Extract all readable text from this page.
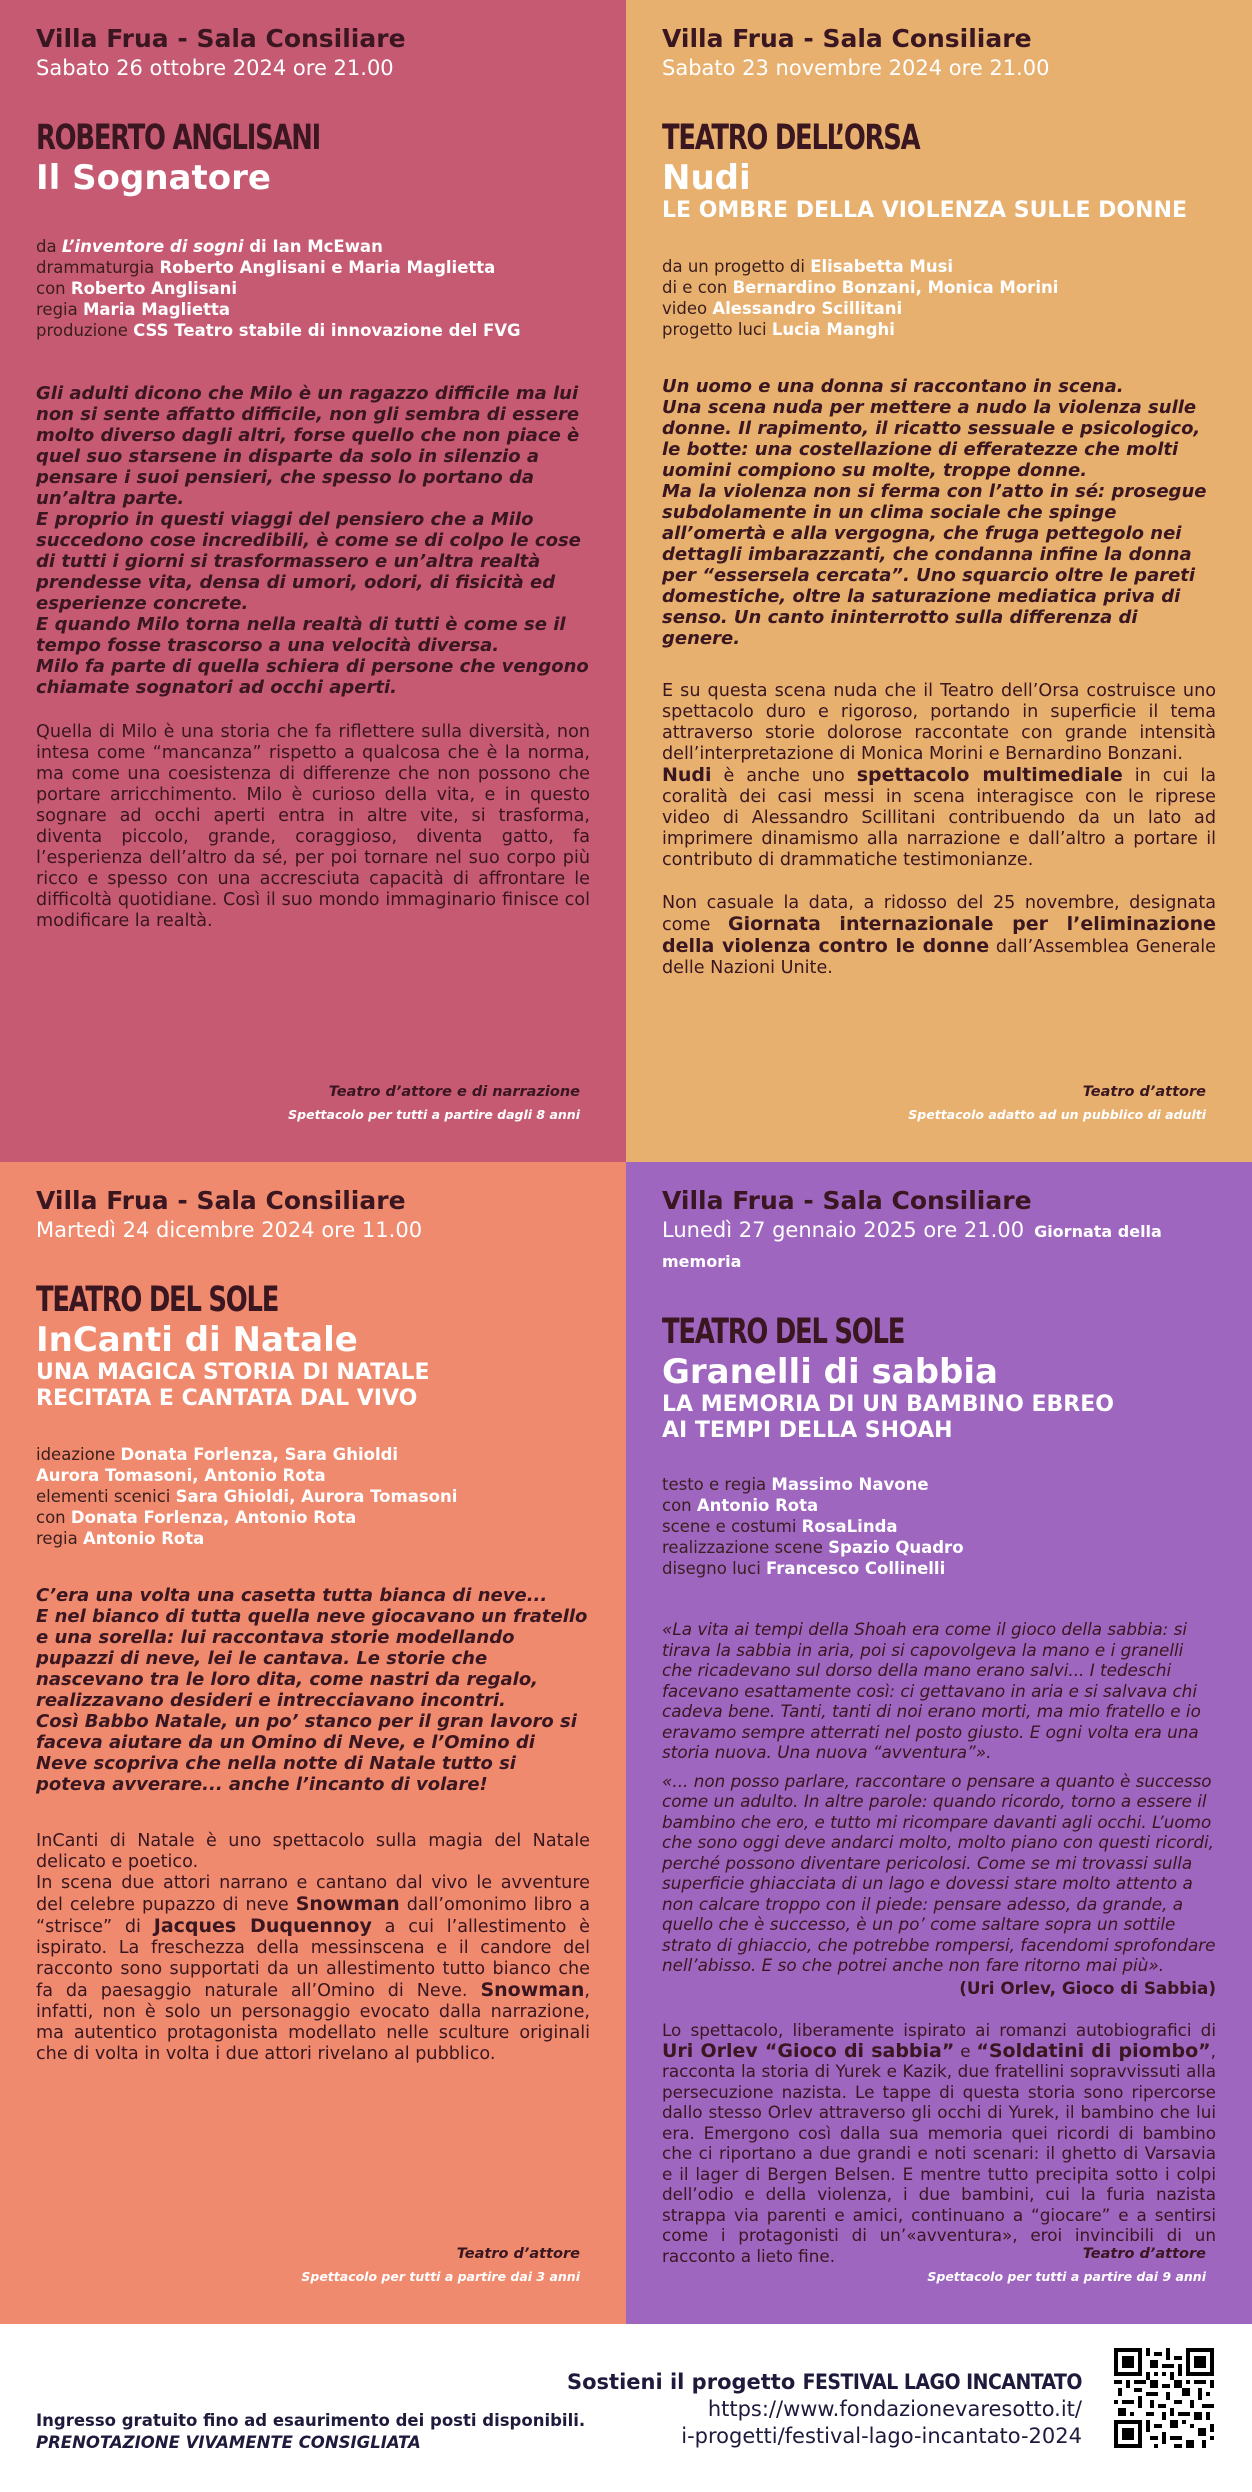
Villa Frua - Sala Consiliare
Sabato 26 ottobre 2024 ore 21.00
ROBERTO ANGLISANI
Il Sognatore
da L’inventore di sogni di Ian McEwan
drammaturgia Roberto Anglisani e Maria Maglietta
con Roberto Anglisani
regia Maria Maglietta
produzione CSS Teatro stabile di innovazione del FVG

Gli adulti dicono che Milo è un ragazzo difficile ma lui non si sente affatto difficile, non gli sembra di essere molto diverso dagli altri, forse quello che non piace è quel suo starsene in disparte da solo in silenzio a pensare i suoi pensieri, che spesso lo portano da un’altra parte.

E proprio in questi viaggi del pensiero che a Milo succedono cose incredibili, è come se di colpo le cose di tutti i giorni si trasformassero e un’altra realtà prendesse vita, densa di umori, odori, di fisicità ed esperienze concrete.

E quando Milo torna nella realtà di tutti è come se il tempo fosse trascorso a una velocità diversa.

Milo fa parte di quella schiera di persone che vengono chiamate sognatori ad occhi aperti.

Quella di Milo è una storia che fa riflettere sulla diversità, non intesa come “mancanza” rispetto a qualcosa che è la norma, ma come una coesistenza di differenze che non possono che portare arricchimento. Milo è curioso della vita, e in questo sognare ad occhi aperti entra in altre vite, si trasforma, diventa piccolo, grande, coraggioso, diventa gatto, fa l’esperienza dell’altro da sé, per poi tornare nel suo corpo più ricco e spesso con una accresciuta capacità di affrontare le difficoltà quotidiane. Così il suo mondo immaginario finisce col modificare la realtà.

Teatro d’attore e di narrazione
Spettacolo per tutti a partire dagli 8 anni
Villa Frua - Sala Consiliare
Sabato 23 novembre 2024 ore 21.00
TEATRO DELL’ORSA
Nudi
LE OMBRE DELLA VIOLENZA SULLE DONNE
da un progetto di Elisabetta Musi
di e con Bernardino Bonzani, Monica Morini
video Alessandro Scillitani
progetto luci Lucia Manghi

Un uomo e una donna si raccontano in scena.

Una scena nuda per mettere a nudo la violenza sulle donne. Il rapimento, il ricatto sessuale e psicologico, le botte: una costellazione di efferatezze che molti uomini compiono su molte, troppe donne.

Ma la violenza non si ferma con l’atto in sé: prosegue subdolamente in un clima sociale che spinge all’omertà e alla vergogna, che fruga pettegolo nei dettagli imbarazzanti, che condanna infine la donna per “essersela cercata”. Uno squarcio oltre le pareti domestiche, oltre la saturazione mediatica priva di senso. Un canto ininterrotto sulla differenza di genere.

E su questa scena nuda che il Teatro dell’Orsa costruisce uno spettacolo duro e rigoroso, portando in superficie il tema attraverso storie dolorose raccontate con grande intensità dell’interpretazione di Monica Morini e Bernardino Bonzani.

Nudi è anche uno spettacolo multimediale in cui la coralità dei casi messi in scena interagisce con le riprese video di Alessandro Scillitani contribuendo da un lato ad imprimere dinamismo alla narrazione e dall’altro a portare il contributo di drammatiche testimonianze.

Non casuale la data, a ridosso del 25 novembre, designata come Giornata internazionale per l’eliminazione della violenza contro le donne dall’Assemblea Generale delle Nazioni Unite.

Teatro d’attore
Spettacolo adatto ad un pubblico di adulti
Villa Frua - Sala Consiliare
Martedì 24 dicembre 2024 ore 11.00
TEATRO DEL SOLE
InCanti di Natale
UNA MAGICA STORIA DI NATALE
RECITATA E CANTATA DAL VIVO
ideazione Donata Forlenza, Sara Ghioldi
Aurora Tomasoni, Antonio Rota
elementi scenici Sara Ghioldi, Aurora Tomasoni
con Donata Forlenza, Antonio Rota
regia Antonio Rota

C’era una volta una casetta tutta bianca di neve...

E nel bianco di tutta quella neve giocavano un fratello e una sorella: lui raccontava storie modellando pupazzi di neve, lei le cantava. Le storie che nascevano tra le loro dita, come nastri da regalo, realizzavano desideri e intrecciavano incontri.

Così Babbo Natale, un po’ stanco per il gran lavoro si faceva aiutare da un Omino di Neve, e l’Omino di Neve scopriva che nella notte di Natale tutto si poteva avverare... anche l’incanto di volare!

InCanti di Natale è uno spettacolo sulla magia del Natale delicato e poetico.

In scena due attori narrano e cantano dal vivo le avventure del celebre pupazzo di neve Snowman dall’omonimo libro a “strisce” di Jacques Duquennoy a cui l’allestimento è ispirato. La freschezza della messinscena e il candore del racconto sono supportati da un allestimento tutto bianco che fa da paesaggio naturale all’Omino di Neve. Snowman, infatti, non è solo un personaggio evocato dalla narrazione, ma autentico protagonista modellato nelle sculture originali che di volta in volta i due attori rivelano al pubblico.

Teatro d’attore
Spettacolo per tutti a partire dai 3 anni
Villa Frua - Sala Consiliare
Lunedì 27 gennaio 2025 ore 21.00 Giornata della memoria
TEATRO DEL SOLE
Granelli di sabbia
LA MEMORIA DI UN BAMBINO EBREO
AI TEMPI DELLA SHOAH
testo e regia Massimo Navone
con Antonio Rota
scene e costumi RosaLinda
realizzazione scene Spazio Quadro
disegno luci Francesco Collinelli

«La vita ai tempi della Shoah era come il gioco della sabbia: si tirava la sabbia in aria, poi si capovolgeva la mano e i granelli che ricadevano sul dorso della mano erano salvi... I tedeschi facevano esattamente così: ci gettavano in aria e si salvava chi cadeva bene. Tanti, tanti di noi erano morti, ma mio fratello e io eravamo sempre atterrati nel posto giusto. E ogni volta era una storia nuova. Una nuova “avventura”».

«... non posso parlare, raccontare o pensare a quanto è successo come un adulto. In altre parole: quando ricordo, torno a essere il bambino che ero, e tutto mi ricompare davanti agli occhi. L’uomo che sono oggi deve andarci molto, molto piano con questi ricordi, perché possono diventare pericolosi. Come se mi trovassi sulla superficie ghiacciata di un lago e dovessi stare molto attento a non calcare troppo con il piede: pensare adesso, da grande, a quello che è successo, è un po’ come saltare sopra un sottile strato di ghiaccio, che potrebbe rompersi, facendomi sprofondare nell’abisso. E so che potrei anche non fare ritorno mai più».

(Uri Orlev, Gioco di Sabbia)

Lo spettacolo, liberamente ispirato ai romanzi autobiografici di Uri Orlev “Gioco di sabbia” e “Soldatini di piombo”, racconta la storia di Yurek e Kazik, due fratellini sopravvissuti alla persecuzione nazista. Le tappe di questa storia sono ripercorse dallo stesso Orlev attraverso gli occhi di Yurek, il bambino che lui era. Emergono così dalla sua memoria quei ricordi di bambino che ci riportano a due grandi e noti scenari: il ghetto di Varsavia e il lager di Bergen Belsen. E mentre tutto precipita sotto i colpi dell’odio e della violenza, i due bambini, cui la furia nazista strappa via parenti e amici, continuano a “giocare” e a sentirsi come i protagonisti di un’«avventura», eroi invincibili di un racconto a lieto fine.	Teatro d’attore
Spettacolo per tutti a partire dai 9 anni
Ingresso gratuito fino ad esaurimento dei posti disponibili.
PRENOTAZIONE VIVAMENTE CONSIGLIATA
Sostieni il progetto FESTIVAL LAGO INCANTATO
https://www.fondazionevaresotto.it/
i-progetti/festival-lago-incantato-2024
